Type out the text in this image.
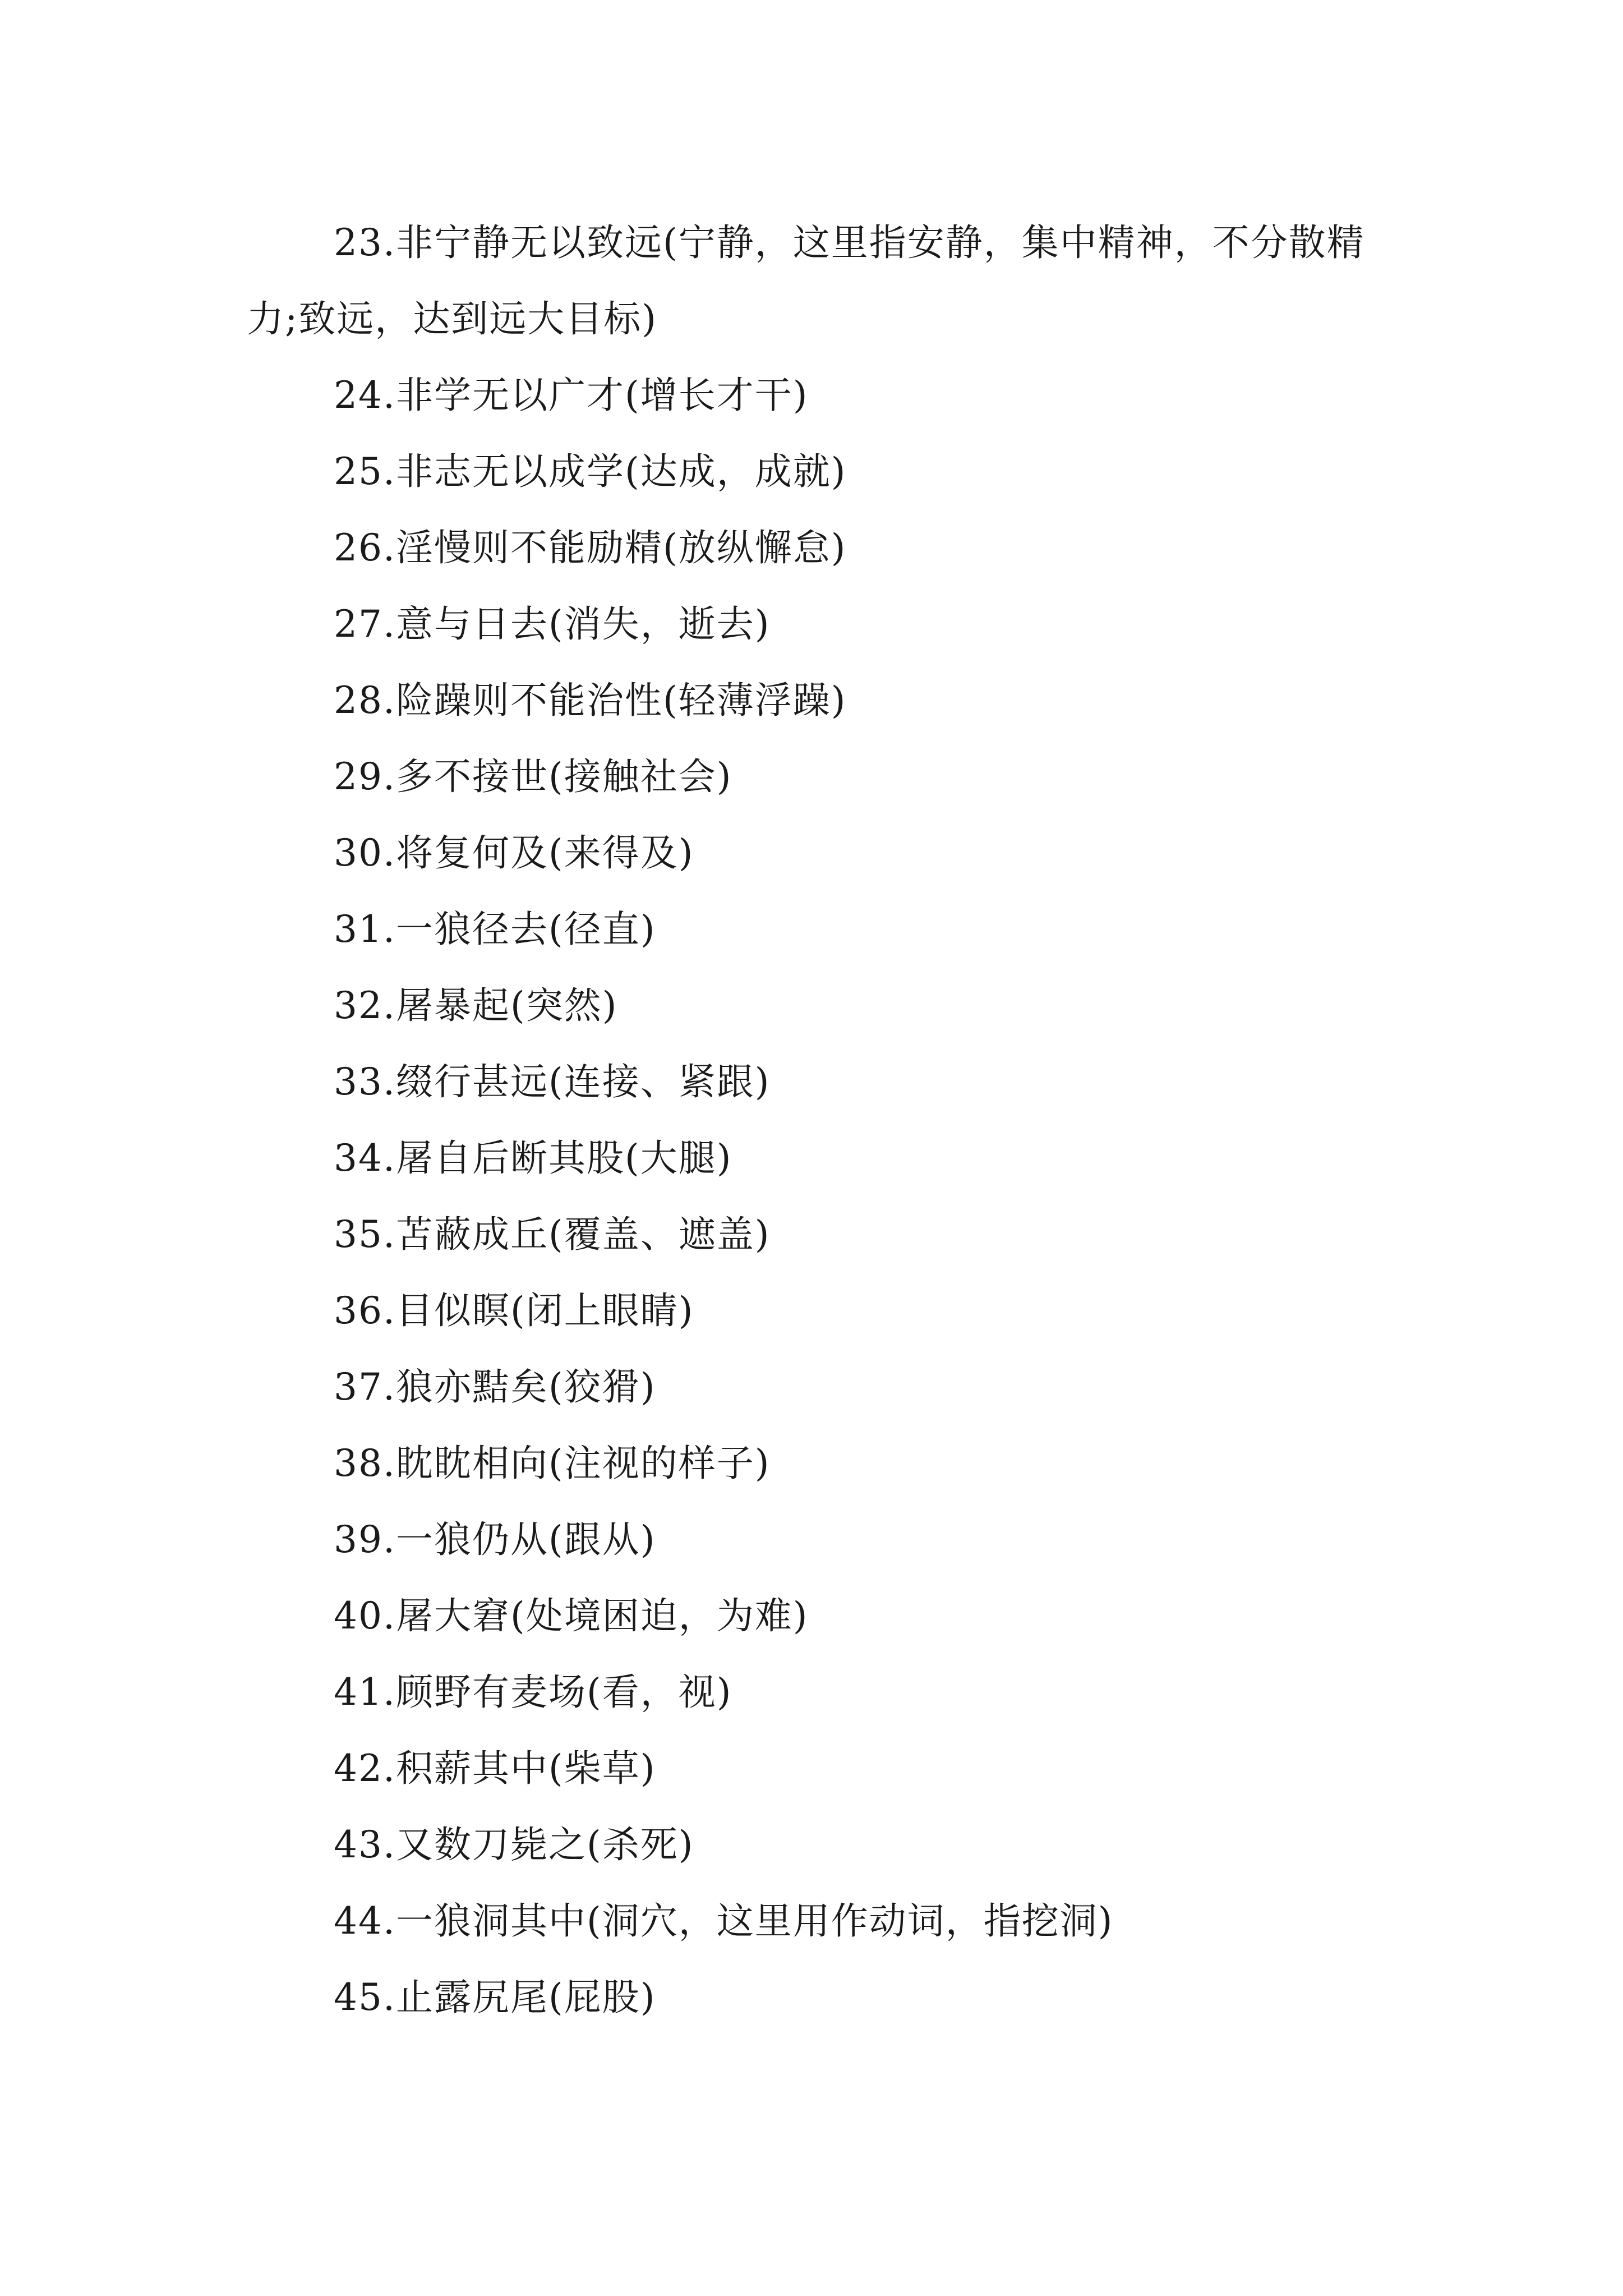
23.非宁静无以致远(宁静，这里指安静，集中精神，不分散精力;致远，达到远大目标)
24.非学无以广才(增长才干)
25.非志无以成学(达成，成就)
26.淫慢则不能励精(放纵懈怠)
27.意与日去(消失，逝去)
28.险躁则不能治性(轻薄浮躁)
29.多不接世(接触社会)
30.将复何及(来得及)
31.一狼径去(径直)
32.屠暴起(突然)
33.缀行甚远(连接、紧跟)
34.屠自后断其股(大腿)
35.苫蔽成丘(覆盖、遮盖)
36.目似瞑(闭上眼睛)
37.狼亦黠矣(狡猾)
38.眈眈相向(注视的样子)
39.一狼仍从(跟从)
40.屠大窘(处境困迫，为难)
41.顾野有麦场(看，视)
42.积薪其中(柴草)
43.又数刀毙之(杀死)
44.一狼洞其中(洞穴，这里用作动词，指挖洞)
45.止露尻尾(屁股)
